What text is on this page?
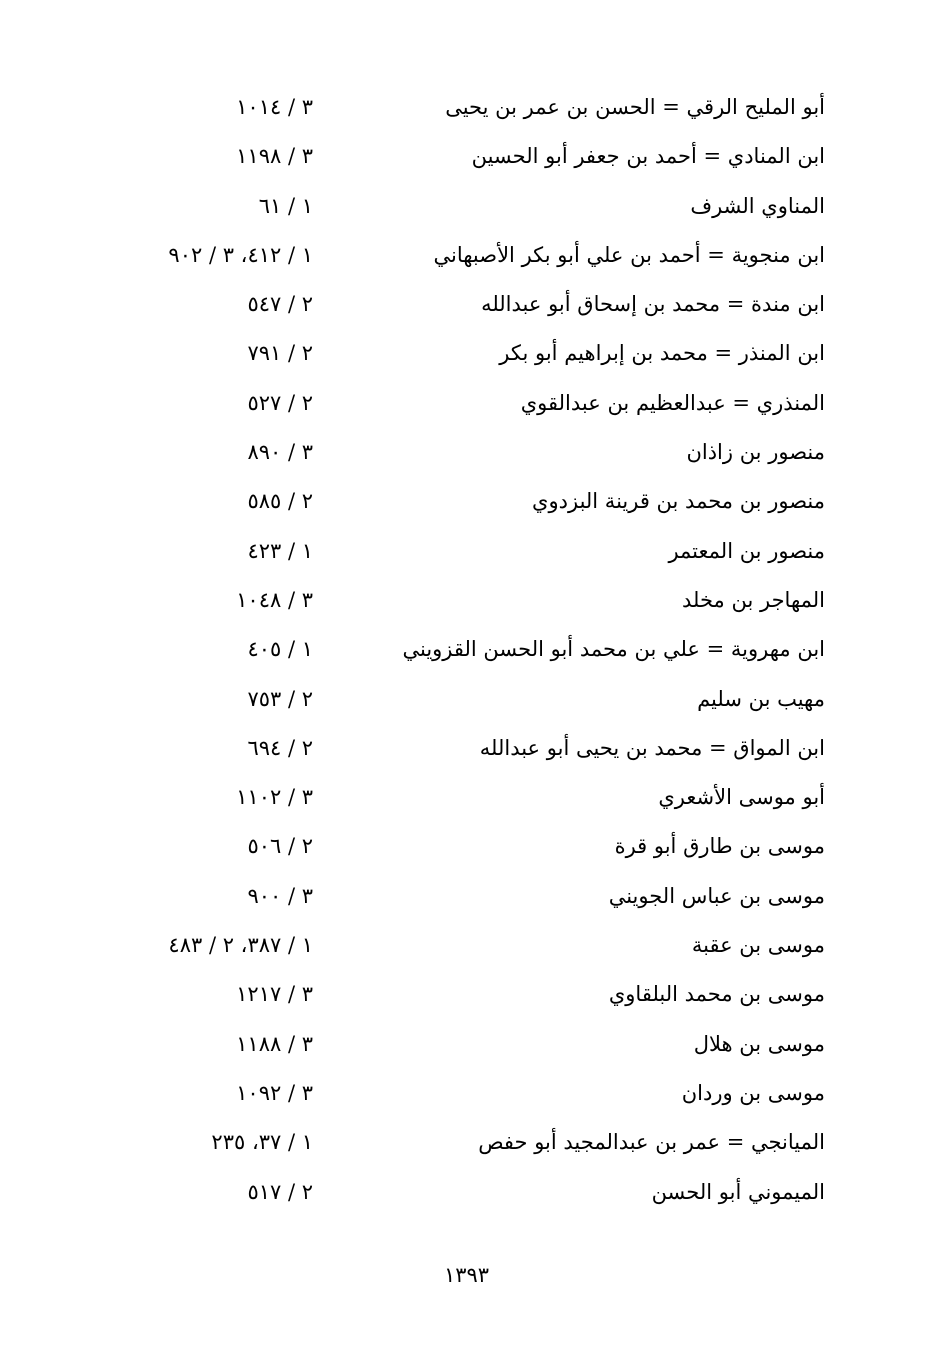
أبو المليح الرقي = الحسن بن عمر بن يحيى
٣ / ١٠١٤
ابن المنادي = أحمد بن جعفر أبو الحسين
٣ / ١١٩٨
المناوي الشرف
١ / ٦١
ابن منجوية = أحمد بن علي أبو بكر الأصبهاني
١ / ٤١٢، ٣ / ٩٠٢
ابن مندة = محمد بن إسحاق أبو عبدالله
٢ / ٥٤٧
ابن المنذر = محمد بن إبراهيم أبو بكر
٢ / ٧٩١
المنذري = عبدالعظيم بن عبدالقوي
٢ / ٥٢٧
منصور بن زاذان
٣ / ٨٩٠
منصور بن محمد بن قرينة البزدوي
٢ / ٥٨٥
منصور بن المعتمر
١ / ٤٢٣
المهاجر بن مخلد
٣ / ١٠٤٨
ابن مهروية = علي بن محمد أبو الحسن القزويني
١ / ٤٠٥
مهيب بن سليم
٢ / ٧٥٣
ابن المواق = محمد بن يحيى أبو عبدالله
٢ / ٦٩٤
أبو موسى الأشعري
٣ / ١١٠٢
موسى بن طارق أبو قرة
٢ / ٥٠٦
موسى بن عباس الجويني
٣ / ٩٠٠
موسى بن عقبة
١ / ٣٨٧، ٢ / ٤٨٣
موسى بن محمد البلقاوي
٣ / ١٢١٧
موسى بن هلال
٣ / ١١٨٨
موسى بن وردان
٣ / ١٠٩٢
الميانجي = عمر بن عبدالمجيد أبو حفص
١ / ٣٧، ٢٣٥
الميموني أبو الحسن
٢ / ٥١٧
١٣٩٣
